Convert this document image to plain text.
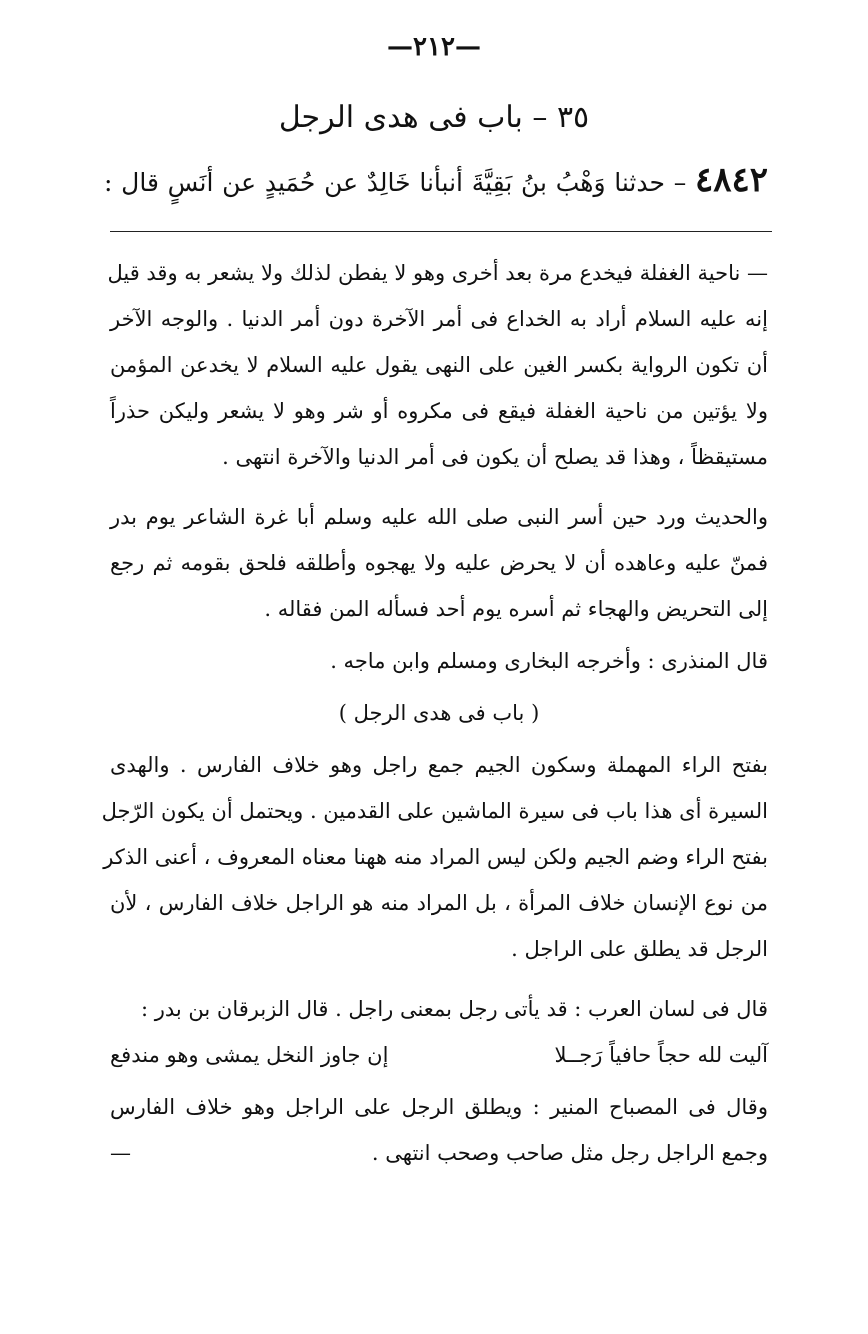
—٢١٢—
٣٥ – باب فى هدى الرجل
٤٨٤٢ – حدثنا وَهْبُ بنُ بَقِيَّةَ أنبأنا خَالِدٌ عن حُمَيدٍ عن أنَسٍ قال :
— ناحية الغفلة فيخدع مرة بعد أخرى وهو لا يفطن لذلك ولا يشعر به وقد قيل
إنه عليه السلام أراد به الخداع فى أمر الآخرة دون أمر الدنيا . والوجه الآخر
أن تكون الرواية بكسر الغين على النهى يقول عليه السلام لا يخدعن المؤمن
ولا يؤتين من ناحية الغفلة فيقع فى مكروه أو شر وهو لا يشعر وليكن حذراً
مستيقظاً ، وهذا قد يصلح أن يكون فى أمر الدنيا والآخرة انتهى .
والحديث ورد حين أسر النبى صلى الله عليه وسلم أبا غرة الشاعر يوم بدر
فمنّ عليه وعاهده أن لا يحرض عليه ولا يهجوه وأطلقه فلحق بقومه ثم رجع
إلى التحريض والهجاء ثم أسره يوم أحد فسأله المن فقاله .
قال المنذرى : وأخرجه البخارى ومسلم وابن ماجه .
( باب فى هدى الرجل )
بفتح الراء المهملة وسكون الجيم جمع راجل وهو خلاف الفارس . والهدى
السيرة أى هذا باب فى سيرة الماشين على القدمين . ويحتمل أن يكون الرّجل
بفتح الراء وضم الجيم ولكن ليس المراد منه ههنا معناه المعروف ، أعنى الذكر
من نوع الإنسان خلاف المرأة ، بل المراد منه هو الراجل خلاف الفارس ، لأن
الرجل قد يطلق على الراجل .
قال فى لسان العرب : قد يأتى رجل بمعنى راجل . قال الزبرقان بن بدر :
آليت لله حجاً حافياً رَجــلا
إن جاوز النخل يمشى وهو مندفع
وقال فى المصباح المنير : ويطلق الرجل على الراجل وهو خلاف الفارس
وجمع الراجل رجل مثل صاحب وصحب انتهى .
—
